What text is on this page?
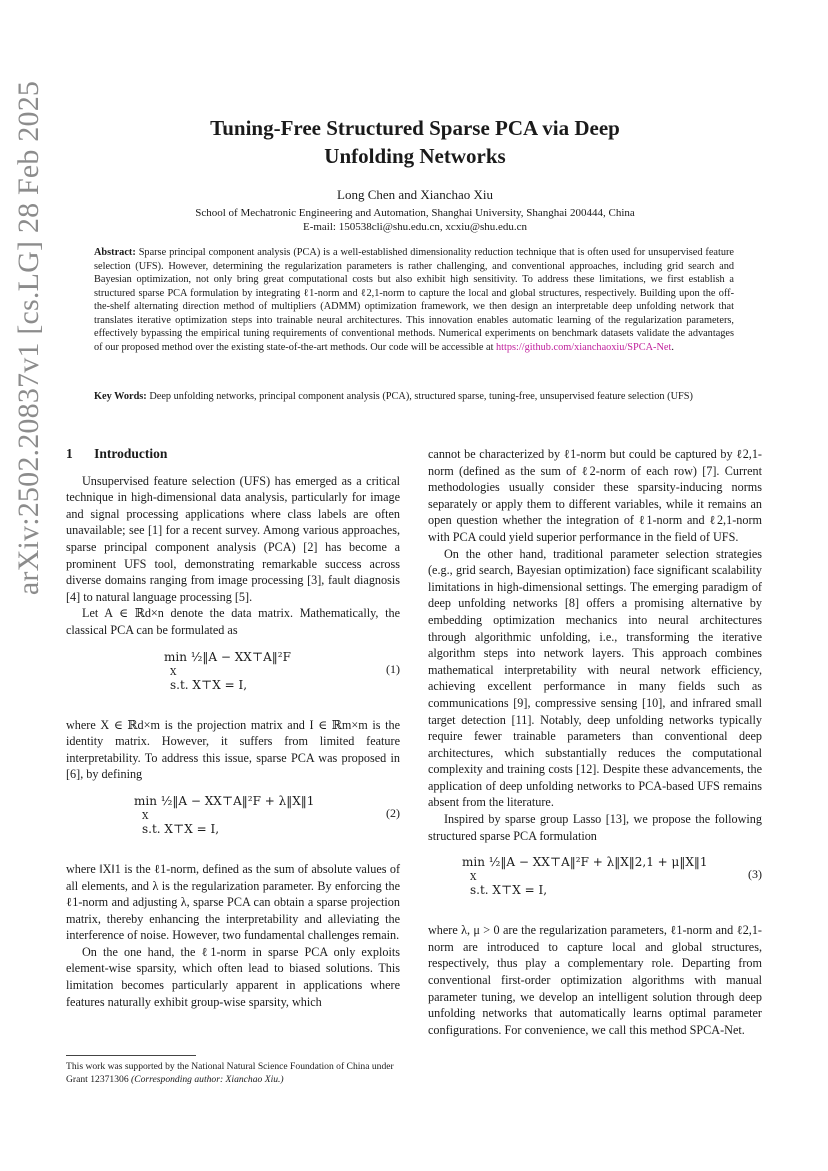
arXiv:2502.20837v1 [cs.LG] 28 Feb 2025	Tuning-Free Structured Sparse PCA via Deep
Unfolding Networks
Long Chen and Xianchao Xiu
School of Mechatronic Engineering and Automation, Shanghai University, Shanghai 200444, China
E-mail: 150538cli@shu.edu.cn, xcxiu@shu.edu.cn
Abstract: Sparse principal component analysis (PCA) is a well-established dimensionality reduction technique that is often used for unsupervised feature selection (UFS). However, determining the regularization parameters is rather challenging, and conventional approaches, including grid search and Bayesian optimization, not only bring great computational costs but also exhibit high sensitivity. To address these limitations, we first establish a structured sparse PCA formulation by integrating ℓ1-norm and ℓ2,1-norm to capture the local and global structures, respectively. Building upon the off-the-shelf alternating direction method of multipliers (ADMM) optimization framework, we then design an interpretable deep unfolding network that translates iterative optimization steps into trainable neural architectures. This innovation enables automatic learning of the regularization parameters, effectively bypassing the empirical tuning requirements of conventional methods. Numerical experiments on benchmark datasets validate the advantages of our proposed method over the existing state-of-the-art methods. Our code will be accessible at https://github.com/xianchaoxiu/SPCA-Net.
Key Words: Deep unfolding networks, principal component analysis (PCA), structured sparse, tuning-free, unsupervised feature selection (UFS)
1 Introduction

Unsupervised feature selection (UFS) has emerged as a critical technique in high-dimensional data analysis, particularly for image and signal processing applications where class labels are often unavailable; see [1] for a recent survey. Among various approaches, sparse principal component analysis (PCA) [2] has become a prominent UFS tool, demonstrating remarkable success across diverse domains ranging from image processing [3], fault diagnosis [4] to natural language processing [5].

Let A ∈ ℝd×n denote the data matrix. Mathematically, the classical PCA can be formulated as

min ½‖A − XX⊤A‖²F
X
s.t. X⊤X = I,
(1)

where X ∈ ℝd×m is the projection matrix and I ∈ ℝm×m is the identity matrix. However, it suffers from limited feature interpretability. To address this issue, sparse PCA was proposed in [6], by defining

min ½‖A − XX⊤A‖²F + λ‖X‖1
X
s.t. X⊤X = I,
(2)

where ‖X‖1 is the ℓ1-norm, defined as the sum of absolute values of all elements, and λ is the regularization parameter. By enforcing the ℓ1-norm and adjusting λ, sparse PCA can obtain a sparse projection matrix, thereby enhancing the interpretability and alleviating the interference of noise. However, two fundamental challenges remain.

On the one hand, the ℓ1-norm in sparse PCA only exploits element-wise sparsity, which often lead to biased solutions. This limitation becomes particularly apparent in applications where features naturally exhibit group-wise sparsity, which

cannot be characterized by ℓ1-norm but could be captured by ℓ2,1-norm (defined as the sum of ℓ2-norm of each row) [7]. Current methodologies usually consider these sparsity-inducing norms separately or apply them to different variables, while it remains an open question whether the integration of ℓ1-norm and ℓ2,1-norm with PCA could yield superior performance in the field of UFS.

On the other hand, traditional parameter selection strategies (e.g., grid search, Bayesian optimization) face significant scalability limitations in high-dimensional settings. The emerging paradigm of deep unfolding networks [8] offers a promising alternative by embedding optimization mechanics into neural architectures through algorithmic unfolding, i.e., transforming the iterative algorithm steps into network layers. This approach combines mathematical interpretability with neural network efficiency, achieving excellent performance in many fields such as communications [9], compressive sensing [10], and infrared small target detection [11]. Notably, deep unfolding networks typically require fewer trainable parameters than conventional deep architectures, which substantially reduces the computational complexity and training costs [12]. Despite these advancements, the application of deep unfolding networks to PCA-based UFS remains absent from the literature.

Inspired by sparse group Lasso [13], we propose the following structured sparse PCA formulation

min ½‖A − XX⊤A‖²F + λ‖X‖2,1 + μ‖X‖1
X
s.t. X⊤X = I,
(3)

where λ, μ > 0 are the regularization parameters, ℓ1-norm and ℓ2,1-norm are introduced to capture local and global structures, respectively, thus play a complementary role. Departing from conventional first-order optimization algorithms with manual parameter tuning, we develop an intelligent solution through deep unfolding networks that automatically learns optimal parameter configurations. For convenience, we call this method SPCA-Net.

This work was supported by the National Natural Science Foundation of China under Grant 12371306 (Corresponding author: Xianchao Xiu.)
